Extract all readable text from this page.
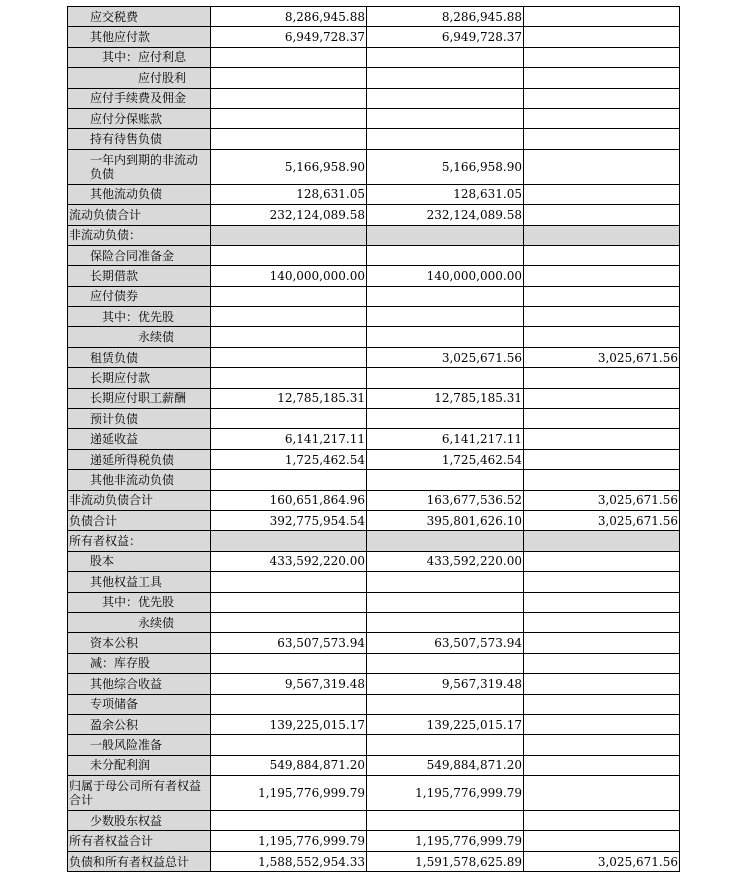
应交税费	8,286,945.88	8,286,945.88	
其他应付款	6,949,728.37	6,949,728.37	
其中：应付利息			
应付股利			
应付手续费及佣金			
应付分保账款			
持有待售负债			
一年内到期的非流动负债	5,166,958.90	5,166,958.90	
其他流动负债	128,631.05	128,631.05	
流动负债合计	232,124,089.58	232,124,089.58	
非流动负债：			
保险合同准备金			
长期借款	140,000,000.00	140,000,000.00	
应付债券			
其中：优先股			
永续债			
租赁负债		3,025,671.56	3,025,671.56
长期应付款			
长期应付职工薪酬	12,785,185.31	12,785,185.31	
预计负债			
递延收益	6,141,217.11	6,141,217.11	
递延所得税负债	1,725,462.54	1,725,462.54	
其他非流动负债			
非流动负债合计	160,651,864.96	163,677,536.52	3,025,671.56
负债合计	392,775,954.54	395,801,626.10	3,025,671.56
所有者权益：			
股本	433,592,220.00	433,592,220.00	
其他权益工具			
其中：优先股			
永续债			
资本公积	63,507,573.94	63,507,573.94	
减：库存股			
其他综合收益	9,567,319.48	9,567,319.48	
专项储备			
盈余公积	139,225,015.17	139,225,015.17	
一般风险准备			
未分配利润	549,884,871.20	549,884,871.20	
归属于母公司所有者权益合计	1,195,776,999.79	1,195,776,999.79	
少数股东权益			
所有者权益合计	1,195,776,999.79	1,195,776,999.79	
负债和所有者权益总计	1,588,552,954.33	1,591,578,625.89	3,025,671.56
